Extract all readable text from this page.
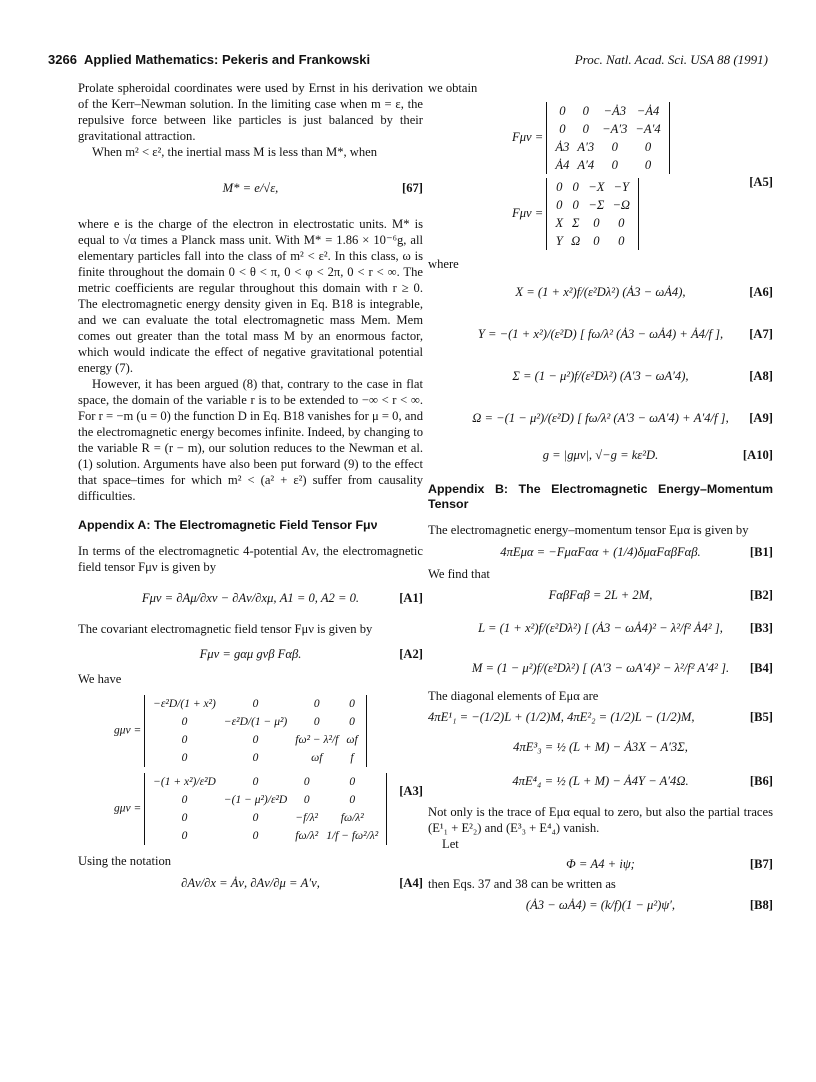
3266 Applied Mathematics: Pekeris and Frankowski	Proc. Natl. Acad. Sci. USA 88 (1991)

Prolate spheroidal coordinates were used by Ernst in his derivation of the Kerr–Newman solution. In the limiting case when m = ε, the repulsive force between like particles is just balanced by their gravitational attraction.

When m² < ε², the inertial mass M is less than M*, when

M* = e/√ε,	[67]

where e is the charge of the electron in electrostatic units. M* is equal to √α times a Planck mass unit. With M* = 1.86 × 10⁻⁶g, all elementary particles fall into the class of m² < ε². In this class, ω is finite throughout the domain 0 < θ < π, 0 < φ < 2π, 0 < r < ∞. The metric coefficients are regular throughout this domain with r ≥ 0. The electromagnetic energy density given in Eq. B18 is integrable, and we can evaluate the total electromagnetic mass Mem. Mem comes out greater than the total mass M by an enormous factor, which would indicate the effect of negative gravitational potential energy (7).

However, it has been argued (8) that, contrary to the case in flat space, the domain of the variable r is to be extended to −∞ < r < ∞. For r = −m (u = 0) the function D in Eq. B18 vanishes for μ = 0, and the electromagnetic energy becomes infinite. Indeed, by changing to the variable R = (r − m), our solution reduces to the Newman et al. (1) solution. Arguments have also been put forward (9) to the effect that space–times for which m² < (a² + ε²) suffer from causality difficulties.

Appendix A: The Electromagnetic Field Tensor Fμν

In terms of the electromagnetic 4-potential Aν, the electromagnetic field tensor Fμν is given by

Fμν = ∂Aμ/∂xν − ∂Aν/∂xμ, A1 = 0, A2 = 0.	[A1]

The covariant electromagnetic field tensor Fμν is given by

Fμν = gαμ gνβ Fαβ.	[A2]

We have

gμν =
−ε²D/(1 + x²)	0	0	0
0	−ε²D/(1 − μ²)	0	0
0	0	fω² − λ²/f	ωf
0	0	ωf	f
gμν =
−(1 + x²)/ε²D	0	0	0
0	−(1 − μ²)/ε²D	0	0
0	0	−f/λ²	fω/λ²
0	0	fω/λ²	1/f − fω²/λ²
[A3]

Using the notation

∂Aν/∂x = Ȧν, ∂Aν/∂μ = A′ν,	[A4]

we obtain

Fμν =
0	0	−Ȧ3	−Ȧ4
0	0	−A′3	−A′4
Ȧ3	A′3	0	0
Ȧ4	A′4	0	0
Fμν =
0	0	−X	−Y
0	0	−Σ	−Ω
X	Σ	0	0
Y	Ω	0	0
[A5]

where

X = (1 + x²)f/(ε²Dλ²) (Ȧ3 − ωȦ4),	[A6]
Y = −(1 + x²)/(ε²D) [ fω/λ² (Ȧ3 − ωȦ4) + Ȧ4/f ],	[A7]
Σ = (1 − μ²)f/(ε²Dλ²) (A′3 − ωA′4),	[A8]
Ω = −(1 − μ²)/(ε²D) [ fω/λ² (A′3 − ωA′4) + A′4/f ],	[A9]
g = |gμν|, √−g = kε²D.	[A10]

Appendix B: The Electromagnetic Energy–Momentum Tensor

The electromagnetic energy–momentum tensor Eμα is given by

4πEμα = −FμαFαα + (1/4)δμαFαβFαβ.	[B1]

We find that

FαβFαβ = 2L + 2M,	[B2]
L = (1 + x²)f/(ε²Dλ²) [ (Ȧ3 − ωȦ4)² − λ²/f² Ȧ4² ],	[B3]
M = (1 − μ²)f/(ε²Dλ²) [ (A′3 − ωA′4)² − λ²/f² A′4² ].	[B4]

The diagonal elements of Eμα are

4πE¹₁ = −(1/2)L + (1/2)M, 4πE²₂ = (1/2)L − (1/2)M,	[B5]
4πE³₃ = ½ (L + M) − Ȧ3X − A′3Σ,
4πE⁴₄ = ½ (L + M) − Ȧ4Y − A′4Ω.	[B6]

Not only is the trace of Eμα equal to zero, but also the partial traces (E¹₁ + E²₂) and (E³₃ + E⁴₄) vanish.

Let

Φ = A4 + iψ;	[B7]

then Eqs. 37 and 38 can be written as

(Ȧ3 − ωȦ4) = (k/f)(1 − μ²)ψ′,	[B8]
